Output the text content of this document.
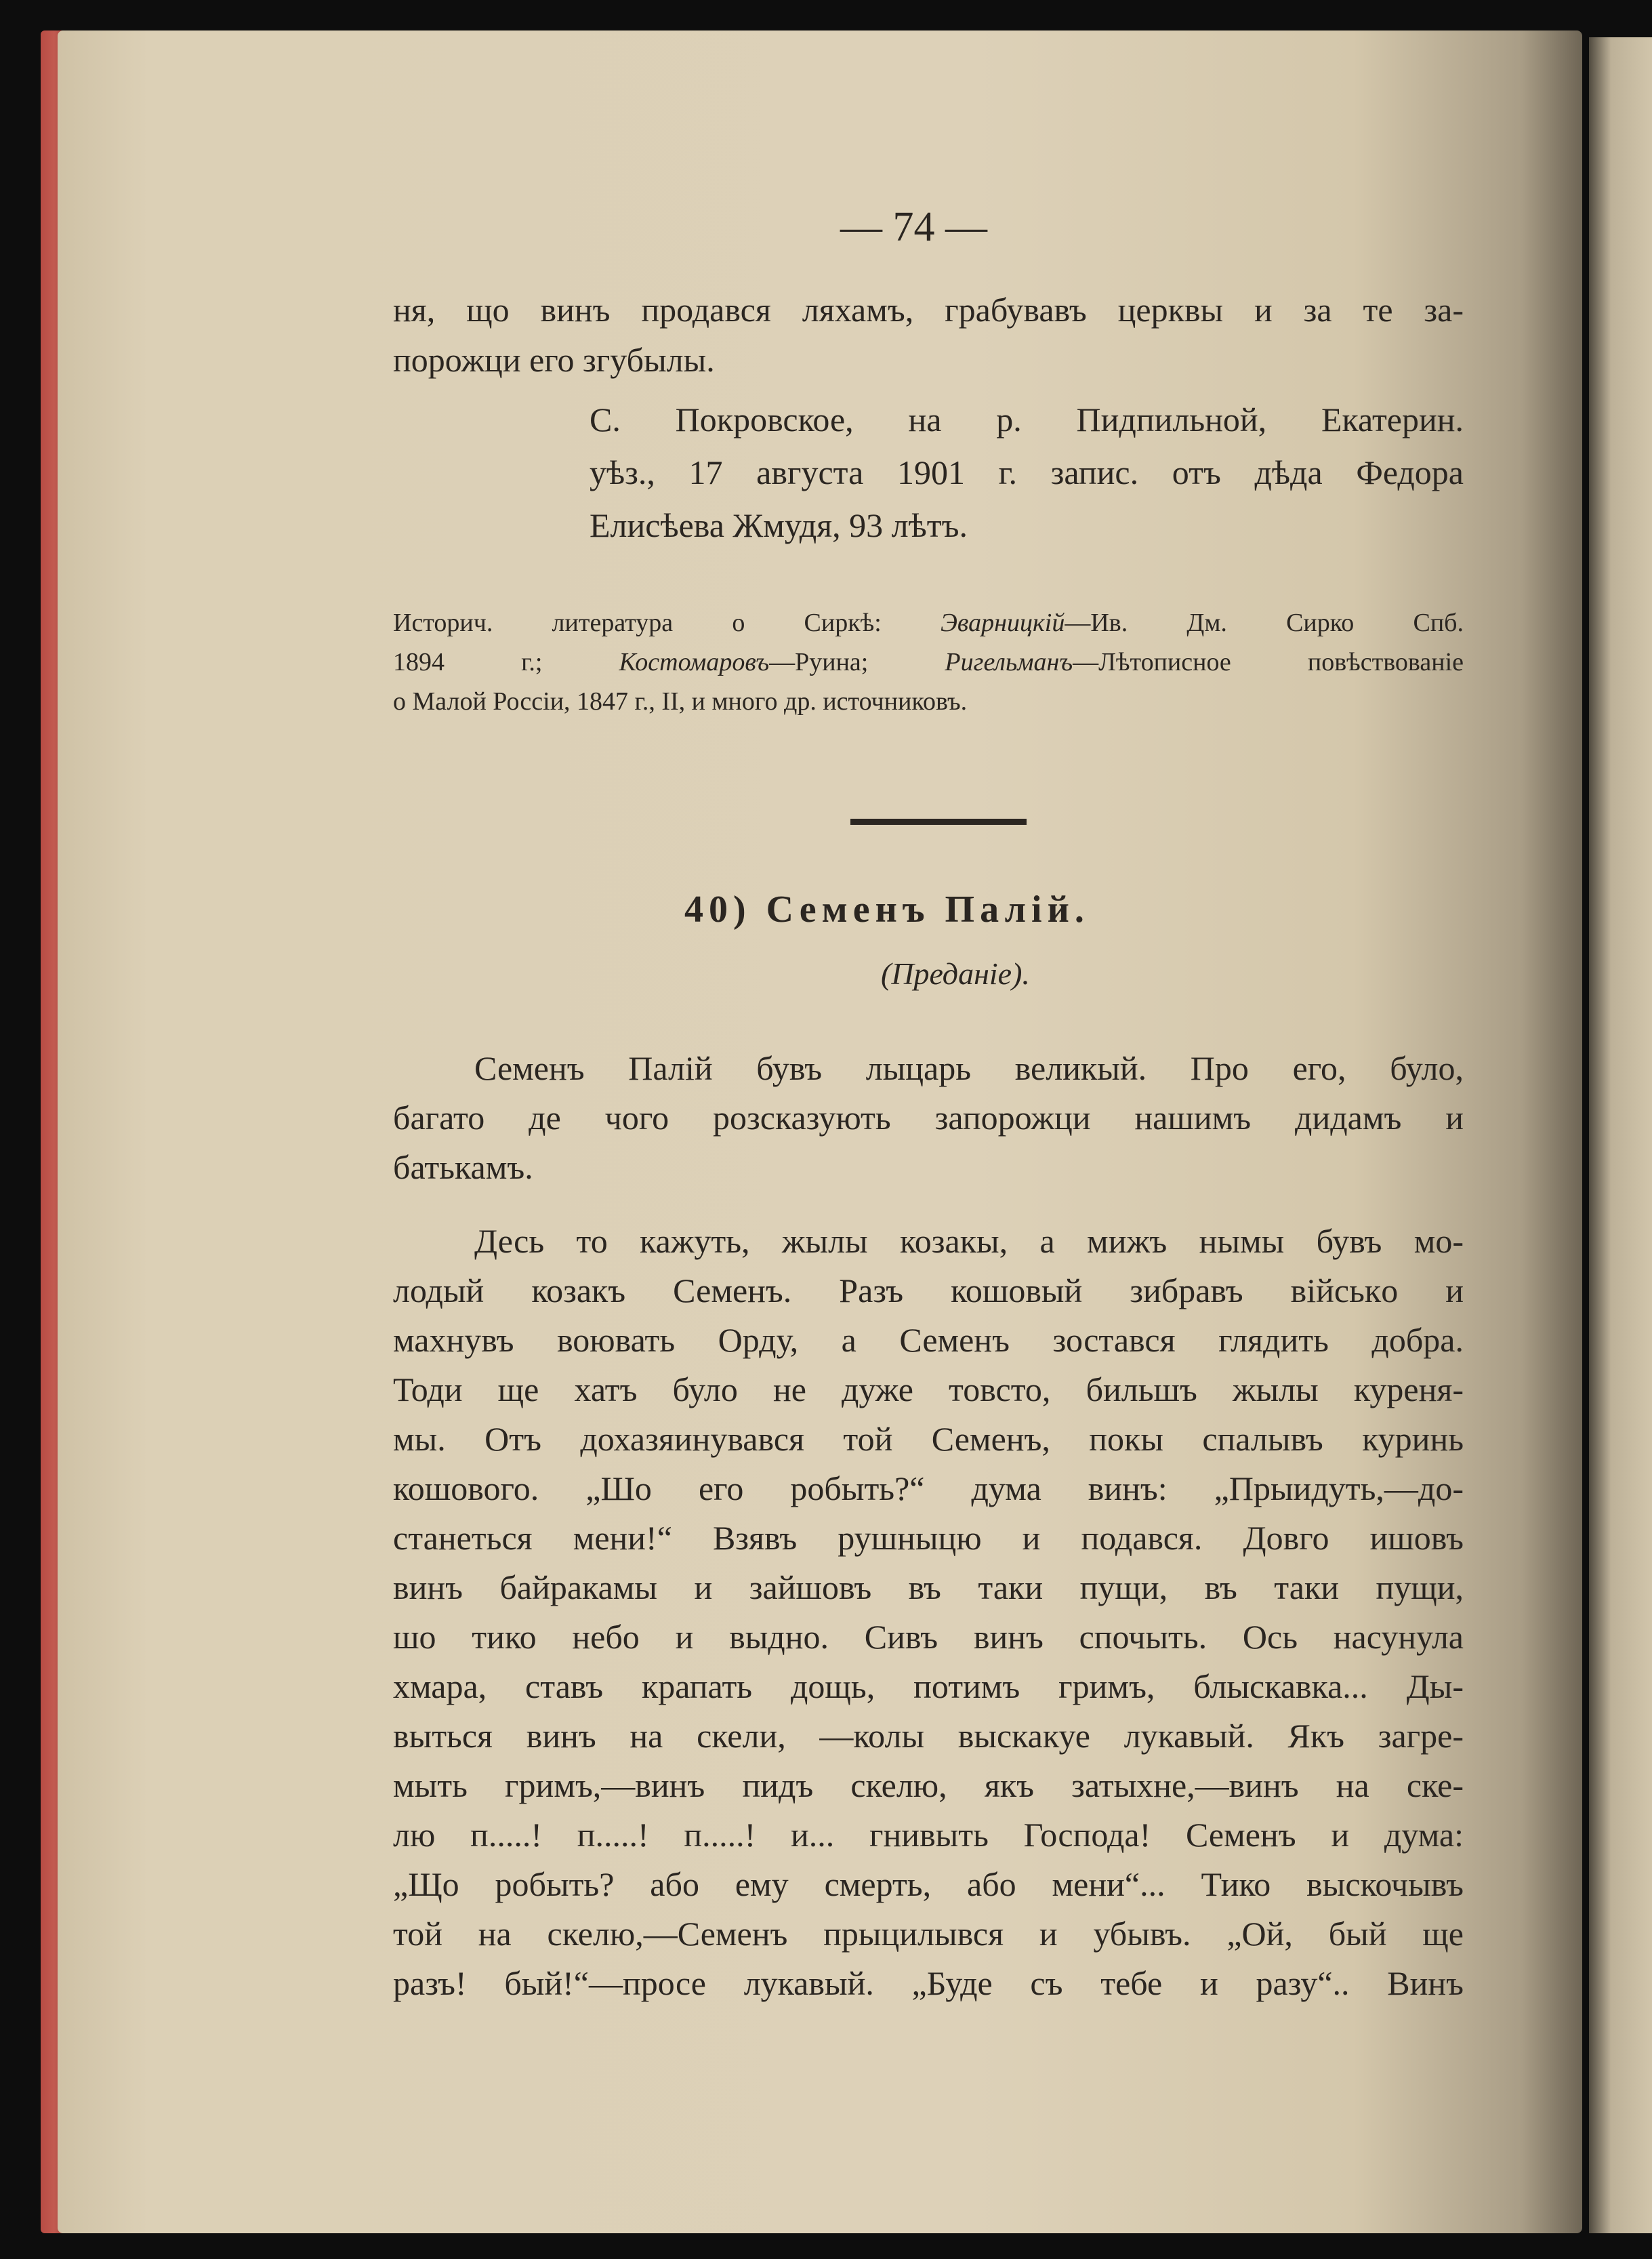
— 74 —
ня, що винъ продався ляхамъ, грабувавъ церквы и за те за-
порожци его згубылы.
С. Покровское, на р. Пидпильной, Екатерин.
уѣз., 17 августа 1901 г. запис. отъ дѣда Федора
Елисѣева Жмудя, 93 лѣтъ.
Историч. литература о Сиркѣ: Эварницкій—Ив. Дм. Сирко Спб.
1894 г.; Костомаровъ—Руина; Ригельманъ—Лѣтописное повѣствованіе
о Малой Россіи, 1847 г., II, и много др. источниковъ.
40) Семенъ Палій.
(Преданіе).
Семенъ Палій бувъ лыцарь великый. Про его, було,
багато де чого розсказують запорожци нашимъ дидамъ и
батькамъ.
Десь то кажуть, жылы козакы, а мижъ нымы бувъ мо-
лодый козакъ Семенъ. Разъ кошовый зибравъ військo и
махнувъ воювать Орду, а Семенъ зостався глядить добра.
Тоди ще хатъ було не дуже товсто, бильшъ жылы куреня-
мы. Отъ дохазяинувався той Семенъ, покы спалывъ куринь
кошового. „Шо его робыть?“ дума винъ: „Прыидуть,—до-
станеться мени!“ Взявъ рушныцю и подався. Довго ишовъ
винъ байракамы и зайшовъ въ таки пущи, въ таки пущи,
шо тико небо и выдно. Сивъ винъ спочыть. Ось насунула
хмара, ставъ крапать дощь, потимъ гримъ, блыскавка... Ды-
выться винъ на скели, —колы выскакуе лукавый. Якъ загре-
мыть гримъ,—винъ пидъ скелю, якъ затыхне,—винъ на ске-
лю п.....! п.....! п.....! и... гнивыть Господа! Семенъ и дума:
„Що робыть? або ему смерть, або мени“... Тико выскочывъ
той на скелю,—Семенъ прыцилывся и убывъ. „Ой, бый ще
разъ! бый!“—просе лукавый. „Буде съ тебе и разу“.. Винъ
